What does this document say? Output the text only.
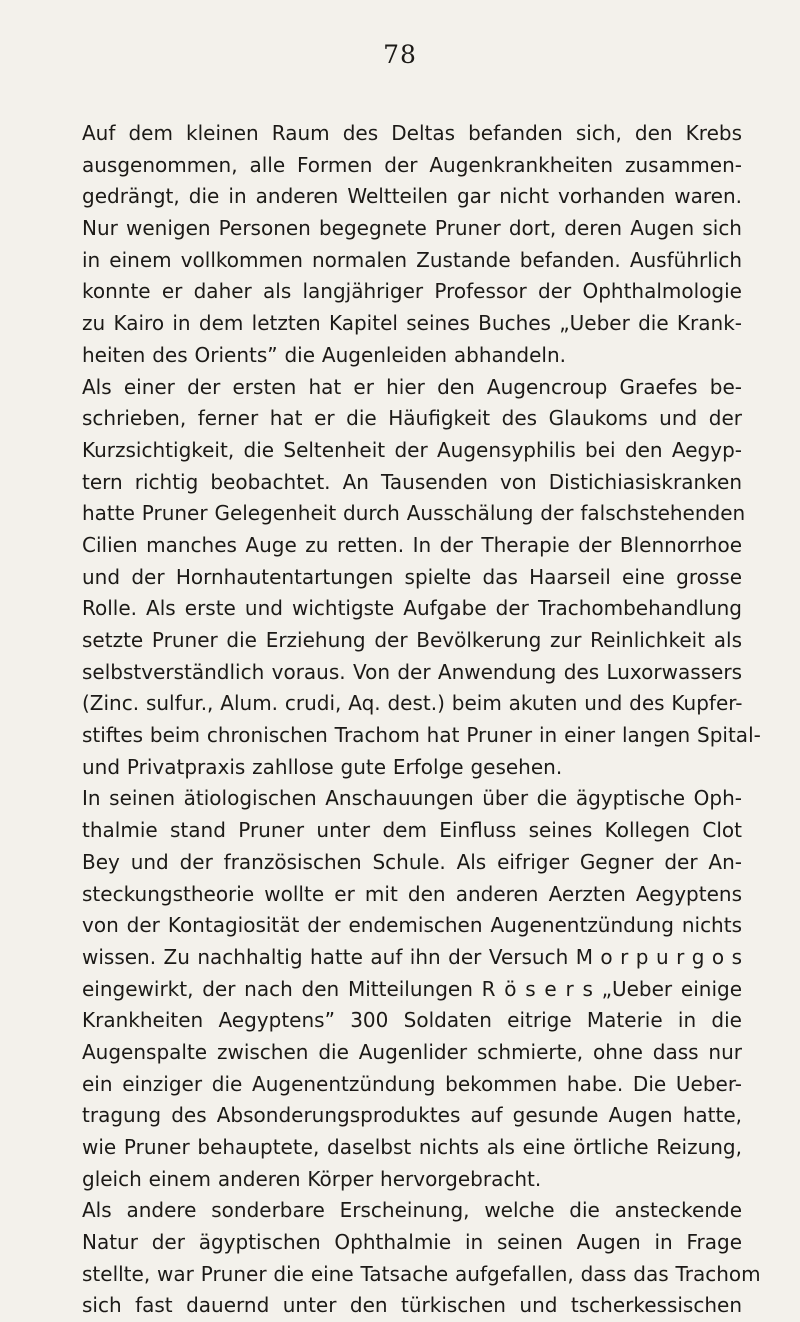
78
Auf dem kleinen Raum des Deltas befanden sich, den Krebs
ausgenommen, alle Formen der Augenkrankheiten zusammen-
gedrängt, die in anderen Weltteilen gar nicht vorhanden waren.
Nur wenigen Personen begegnete Pruner dort, deren Augen sich
in einem vollkommen normalen Zustande befanden. Ausführlich
konnte er daher als langjähriger Professor der Ophthalmologie
zu Kairo in dem letzten Kapitel seines Buches „Ueber die Krank-
heiten des Orients” die Augenleiden abhandeln.
Als einer der ersten hat er hier den Augencroup Graefes be-
schrieben, ferner hat er die Häufigkeit des Glaukoms und der
Kurzsichtigkeit, die Seltenheit der Augensyphilis bei den Aegyp-
tern richtig beobachtet. An Tausenden von Distichiasiskranken
hatte Pruner Gelegenheit durch Ausschälung der falschstehenden
Cilien manches Auge zu retten. In der Therapie der Blennorrhoe
und der Hornhautentartungen spielte das Haarseil eine grosse
Rolle. Als erste und wichtigste Aufgabe der Trachombehandlung
setzte Pruner die Erziehung der Bevölkerung zur Reinlichkeit als
selbstverständlich voraus. Von der Anwendung des Luxorwassers
(Zinc. sulfur., Alum. crudi, Aq. dest.) beim akuten und des Kupfer-
stiftes beim chronischen Trachom hat Pruner in einer langen Spital-
und Privatpraxis zahllose gute Erfolge gesehen.
In seinen ätiologischen Anschauungen über die ägyptische Oph-
thalmie stand Pruner unter dem Einfluss seines Kollegen Clot
Bey und der französischen Schule. Als eifriger Gegner der An-
steckungstheorie wollte er mit den anderen Aerzten Aegyptens
von der Kontagiosität der endemischen Augenentzündung nichts
wissen. Zu nachhaltig hatte auf ihn der Versuch M o r p u r g o s
eingewirkt, der nach den Mitteilungen R ö s e r s „Ueber einige
Krankheiten Aegyptens” 300 Soldaten eitrige Materie in die
Augenspalte zwischen die Augenlider schmierte, ohne dass nur
ein einziger die Augenentzündung bekommen habe. Die Ueber-
tragung des Absonderungsproduktes auf gesunde Augen hatte,
wie Pruner behauptete, daselbst nichts als eine örtliche Reizung,
gleich einem anderen Körper hervorgebracht.
Als andere sonderbare Erscheinung, welche die ansteckende
Natur der ägyptischen Ophthalmie in seinen Augen in Frage
stellte, war Pruner die eine Tatsache aufgefallen, dass das Trachom
sich fast dauernd unter den türkischen und tscherkessischen
